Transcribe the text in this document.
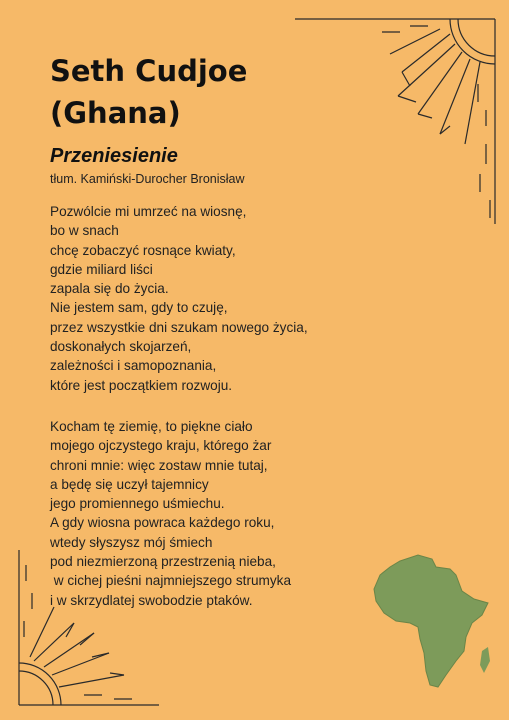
Seth Cudjoe (Ghana)
Przeniesienie

tłum. Kamiński-Durocher Bronisław

Pozwólcie mi umrzeć na wiosnę,
bo w snach
chcę zobaczyć rosnące kwiaty,
gdzie miliard liści
zapala się do życia.
Nie jestem sam, gdy to czuję,
przez wszystkie dni szukam nowego życia,
doskonałych skojarzeń,
zależności i samopoznania,
które jest początkiem rozwoju.
Kocham tę ziemię, to piękne ciało
mojego ojczystego kraju, którego żar
chroni mnie: więc zostaw mnie tutaj,
a będę się uczył tajemnicy
jego promiennego uśmiechu.
A gdy wiosna powraca każdego roku,
wtedy słyszysz mój śmiech
pod niezmierzoną przestrzenią nieba,
w cichej pieśni najmniejszego strumyka
i w skrzydlatej swobodzie ptaków.
